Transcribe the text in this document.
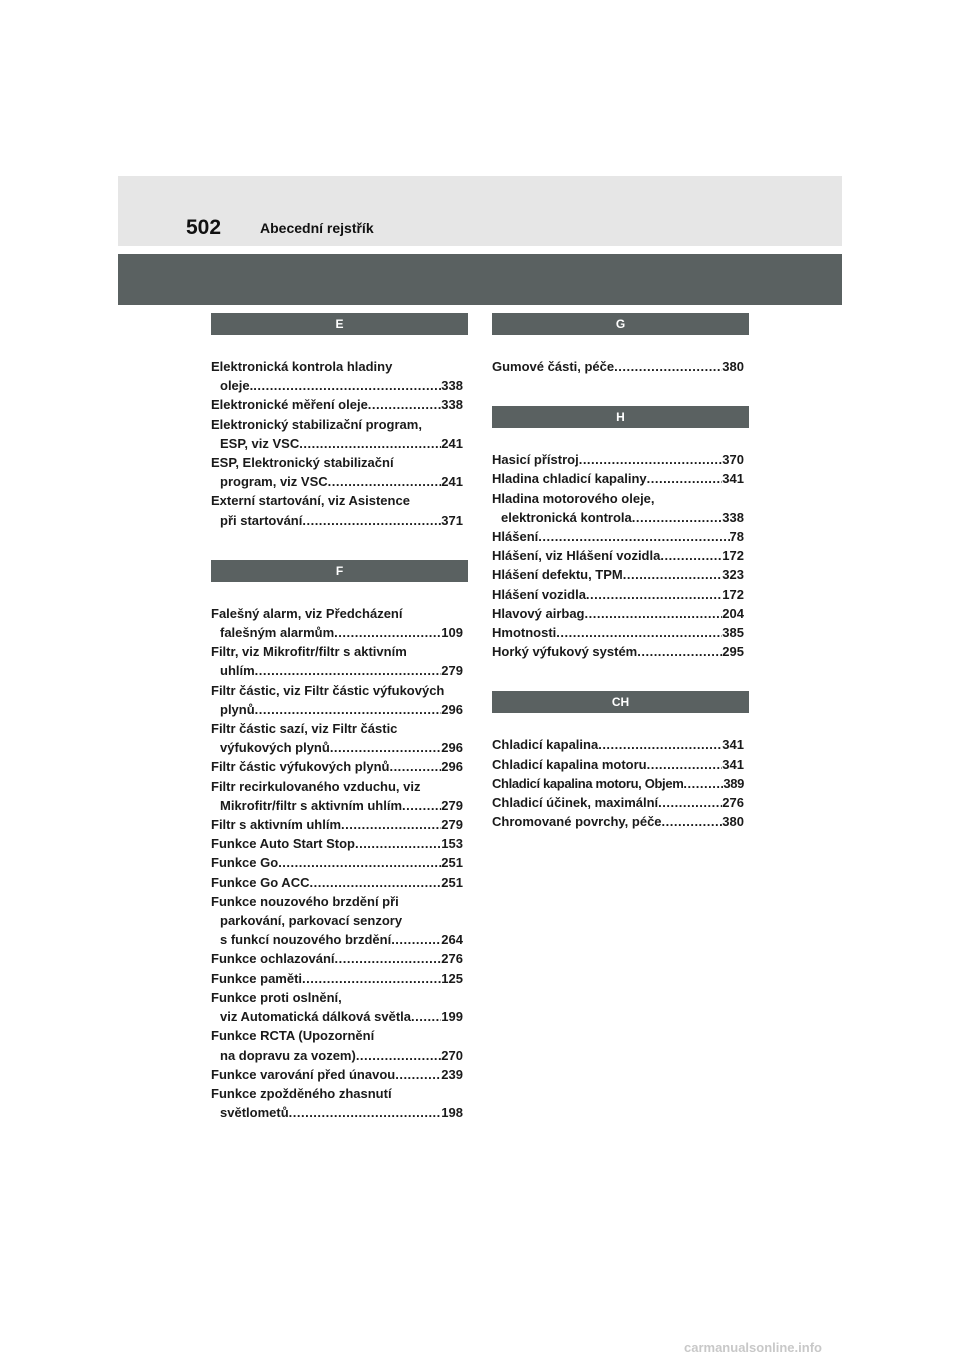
502	Abecední rejstřík
E
Elektronická kontrola hladiny
oleje. .....	338
Elektronické měření oleje .....	338
Elektronický stabilizační program,
ESP, viz VSC .....	241
ESP, Elektronický stabilizační
program, viz VSC .....	241
Externí startování, viz Asistence
při startování .....	371
F
Falešný alarm, viz Předcházení
falešným alarmům .....	109
Filtr, viz Mikrofitr/filtr s aktivním
uhlím .....	279
Filtr částic, viz Filtr částic výfukových
plynů .....	296
Filtr částic sazí, viz Filtr částic
výfukových plynů .....	296
Filtr částic výfukových plynů .....	296
Filtr recirkulovaného vzduchu, viz
Mikrofitr/filtr s aktivním uhlím .....	279
Filtr s aktivním uhlím .....	279
Funkce Auto Start Stop .....	153
Funkce Go .....	251
Funkce Go ACC .....	251
Funkce nouzového brzdění při
parkování, parkovací senzory
s funkcí nouzového brzdění .....	264
Funkce ochlazování .....	276
Funkce paměti .....	125
Funkce proti oslnění,
viz Automatická dálková světla ..... 199
Funkce RCTA (Upozornění
na dopravu za vozem) .....	270
Funkce varování před únavou .....	239
Funkce zpožděného zhasnutí
světlometů .....	198
G
Gumové části, péče .....	380
H
Hasicí přístroj .....	370
Hladina chladicí kapaliny .....	341
Hladina motorového oleje,
elektronická kontrola .....	338
Hlášení .....	78
Hlášení, viz Hlášení vozidla .....	172
Hlášení defektu, TPM .....	323
Hlášení vozidla .....	172
Hlavový airbag .....	204
Hmotnosti .....	385
Horký výfukový systém .....	295
CH
Chladicí kapalina .....	341
Chladicí kapalina motoru .....	341
Chladicí kapalina motoru, Objem .....	389
Chladicí účinek, maximální .....	276
Chromované povrchy, péče .....	380
carmanualsonline.info
